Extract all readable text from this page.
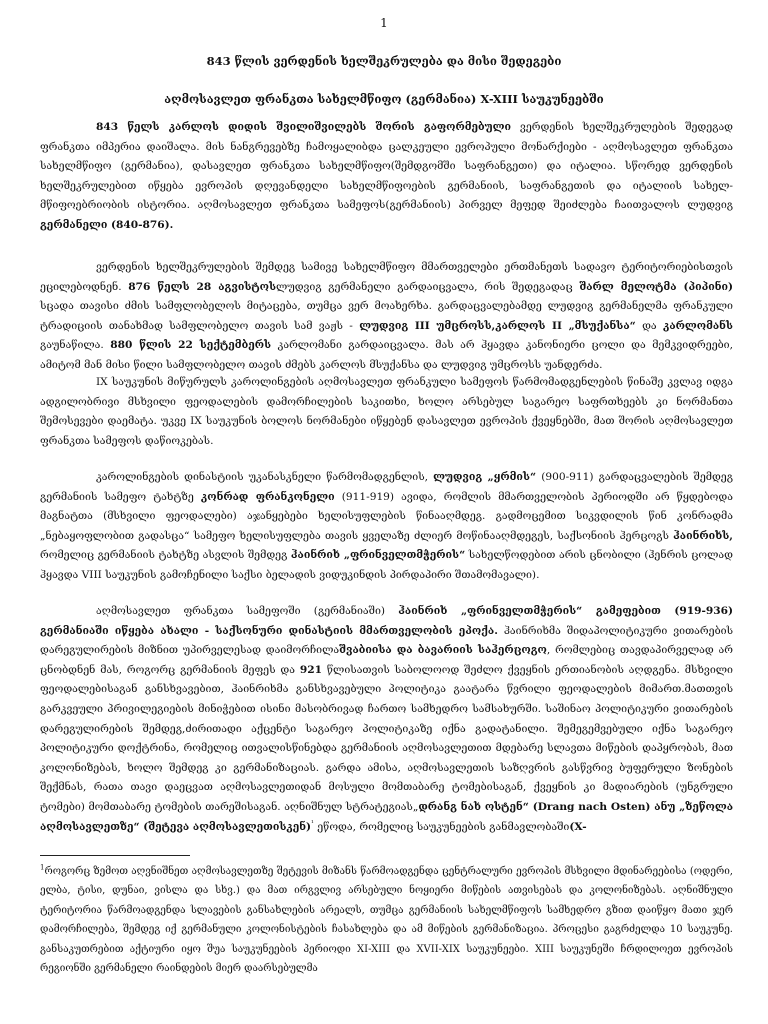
1
843 წლის ვერდენის ხელშეკრულება და მისი შედეგები
აღმოსავლეთ ფრანკთა სახელმწიფო (გერმანია) X-XIII საუკუნეებში

843 წელს კარლოს დიდის შვილიშვილებს შორის გაფორმებული ვერდენის ხელშეკრულების შედეგად ფრანკთა იმპერია დაიშალა. მის ნანგრევებზე ჩამოყალიბდა ცალკეული ევროპული მონარქიები - აღმოსავლეთ ფრანკთა სახელმწიფო (გერმანია), დასავლეთ ფრანკთა სახელმწიფო(შემდგომში საფრანგეთი) და იტალია. სწორედ ვერდენის ხელშეკრულებით იწყება ევროპის დღევანდელი სახელმწიფოების გერმანიის, საფრანგეთის და იტალიის სახელ-მწიფოებრიობის ისტორია. აღმოსავლეთ ფრანკთა სამეფოს(გერმანიის) პირველ მეფედ შეიძლება ჩაითვალოს ლუდვიგ გერმანელი (840-876).

ვერდენის ხელშეკრულების შემდეგ სამივე სახელმწიფო მმართველები ერთმანეთს სადავო ტერიტორიებისთვის ეცილებოდნენ. 876 წელს 28 აგვისტოსლუდვიგ გერმანელი გარდაიცვალა, რის შედეგადაც შარლ მელოტმა (პიპინი) სცადა თავისი ძმის სამფლობელოს მიტაცება, თუმცა ვერ მოახერხა. გარდაცვალებამდე ლუდვიგ გერმანელმა ფრანკული ტრადიციის თანახმად სამფლობელო თავის სამ ვაჟს - ლუდვიგ III უმცროსს,კარლოს II „მსუქანსა“ და კარლომანს გაუნაწილა. 880 წლის 22 სექტემბერს კარლომანი გარდაიცვალა. მას არ ჰყავდა კანონიერი ცოლი და მემკვიდრეები, ამიტომ მან მისი წილი სამფლობელო თავის ძმებს კარლოს მსუქანსა და ლუდვიგ უმცროსს უანდერძა.

IX საუკუნის მიწურულს კაროლინგების აღმოსავლეთ ფრანკული სამეფოს წარმომადგენლების წინაშე კვლავ იდგა ადგილობრივი მსხვილი ფეოდალების დამორჩილების საკითხი, ხოლო არსებულ საგარეო საფრთხეებს კი ნორმანთა შემოსევები დაემატა. უკვე IX საუკუნის ბოლოს ნორმანები იწყებენ დასავლეთ ევროპის ქვეყნებში, მათ შორის აღმოსავლეთ ფრანკთა სამეფოს დაწიოკებას.

კაროლინგების დინასტიის უკანასკნელი წარმომადგენლის, ლუდვიგ „ყრმის“ (900-911) გარდაცვალების შემდეგ გერმანიის სამეფო ტახტზე კონრად ფრანკონელი (911-919) ავიდა, რომლის მმართველობის პერიოდში არ წყდებოდა მაგნატთა (მსხვილი ფეოდალები) აჯანყებები ხელისუფლების წინააღმდეგ. გადმოცემით სიკვდილის წინ კონრადმა „ნებაყოფლობით გადასცა“ სამეფო ხელისუფლება თავის ყველაზე ძლიერ მოწინააღმდეგეს, საქსონიის ჰერცოგს ჰაინრიხს, რომელიც გერმანიის ტახტზე ასვლის შემდეგ ჰაინრიხ „ფრინველთმჭერის“ სახელწოდებით არის ცნობილი (ჰენრის ცოლად ჰყავდა VIII საუკუნის გამოჩენილი საქსი ბელადის ვიდუკინდის პირდაპირი შთამომავალი).

აღმოსავლეთ ფრანკთა სამეფოში (გერმანიაში) ჰაინრიხ „ფრინველთმჭერის“ გამეფებით (919-936) გერმანიაში იწყება ახალი - საქსონური დინასტიის მმართველობის ეპოქა. ჰაინრიხმა შიდაპოლიტიკური ვითარების დარეგულირების მიზნით უპირველესად დაიმორჩილაშვაბიისა და ბავარიის საჰერცოგო, რომლებიც თავდაპირველად არ ცნობდნენ მას, როგორც გერმანიის მეფეს და 921 წლისათვის საბოლოოდ შეძლო ქვეყნის ერთიანობის აღდგენა. მსხვილი ფეოდალებისაგან განსხვავებით, ჰაინრიხმა განსხვავებული პოლიტიკა გაატარა წვრილი ფეოდალების მიმართ.მათთვის გარკვეული პრივილეგიების მინიჭებით ისინი მასობრივად ჩართო სამხედრო სამსახურში. საშინაო პოლიტიკური ვითარების დარეგულირების შემდეგ,ძირითადი აქცენტი საგარეო პოლიტიკაზე იქნა გადატანილი. შემეგემვებული იქნა საგარეო პოლიტიკური დოქტრინა, რომელიც ითვალისწინებდა გერმანიის აღმოსავლეთით მდებარე სლავთა მიწების დაპყრობას, მათ კოლონიზებას, ხოლო შემდეგ კი გერმანიზაციას. გარდა ამისა, აღმოსავლეთის საზღვრის გასწვრივ ბუფერული ზონების შექმნას, რათა თავი დაეცვათ აღმოსავლეთიდან მოსული მომთაბარე ტომებისაგან, ქვეყნის კი მადიარების (უნგრული ტომები) მომთაბარე ტომების თარეშისაგან. აღნიშნულ სტრატეგიას„დრანგ ნახ ოსტენ“ (Drang nach Osten) ანუ „ზეწოლა აღმოსავლეთზე“ (შეტევა აღმოსავლეთისკენ)$^{^1}$ ეწოდა, რომელიც საუკუნეების განმავლობაში(X-

$^1$როგორც ზემოთ აღვნიშნეთ აღმოსავლეთზე შეტევის მიზანს წარმოადგენდა ცენტრალური ევროპის მსხვილი მდინარეებისა (ოდერი, ელბა, ტისი, დუნაი, ვისლა და სხვ.) და მათ ირგვლივ არსებული ნოყიერი მიწების ათვისებას და კოლონიზებას. აღნიშნული ტერიტორია წარმოადგენდა სლავების განსახლების არეალს, თუმცა გერმანიის სახელმწიფოს სამხედრო გზით დაიწყო მათი ჯერ დამორჩილება, შემდეგ იქ გერმანული კოლონისტების ჩასახლება და ამ მიწების გერმანიზაცია. პროცესი გაგრძელდა 10 საუკუნე. განსაკუთრებით აქტიური იყო შუა საუკუნეების პერიოდი XI-XIII და XVII-XIX საუკუნეები. XIII საუკუნეში ჩრდილოეთ ევროპის რეგიონში გერმანელი რაინდების მიერ დაარსებულმა
